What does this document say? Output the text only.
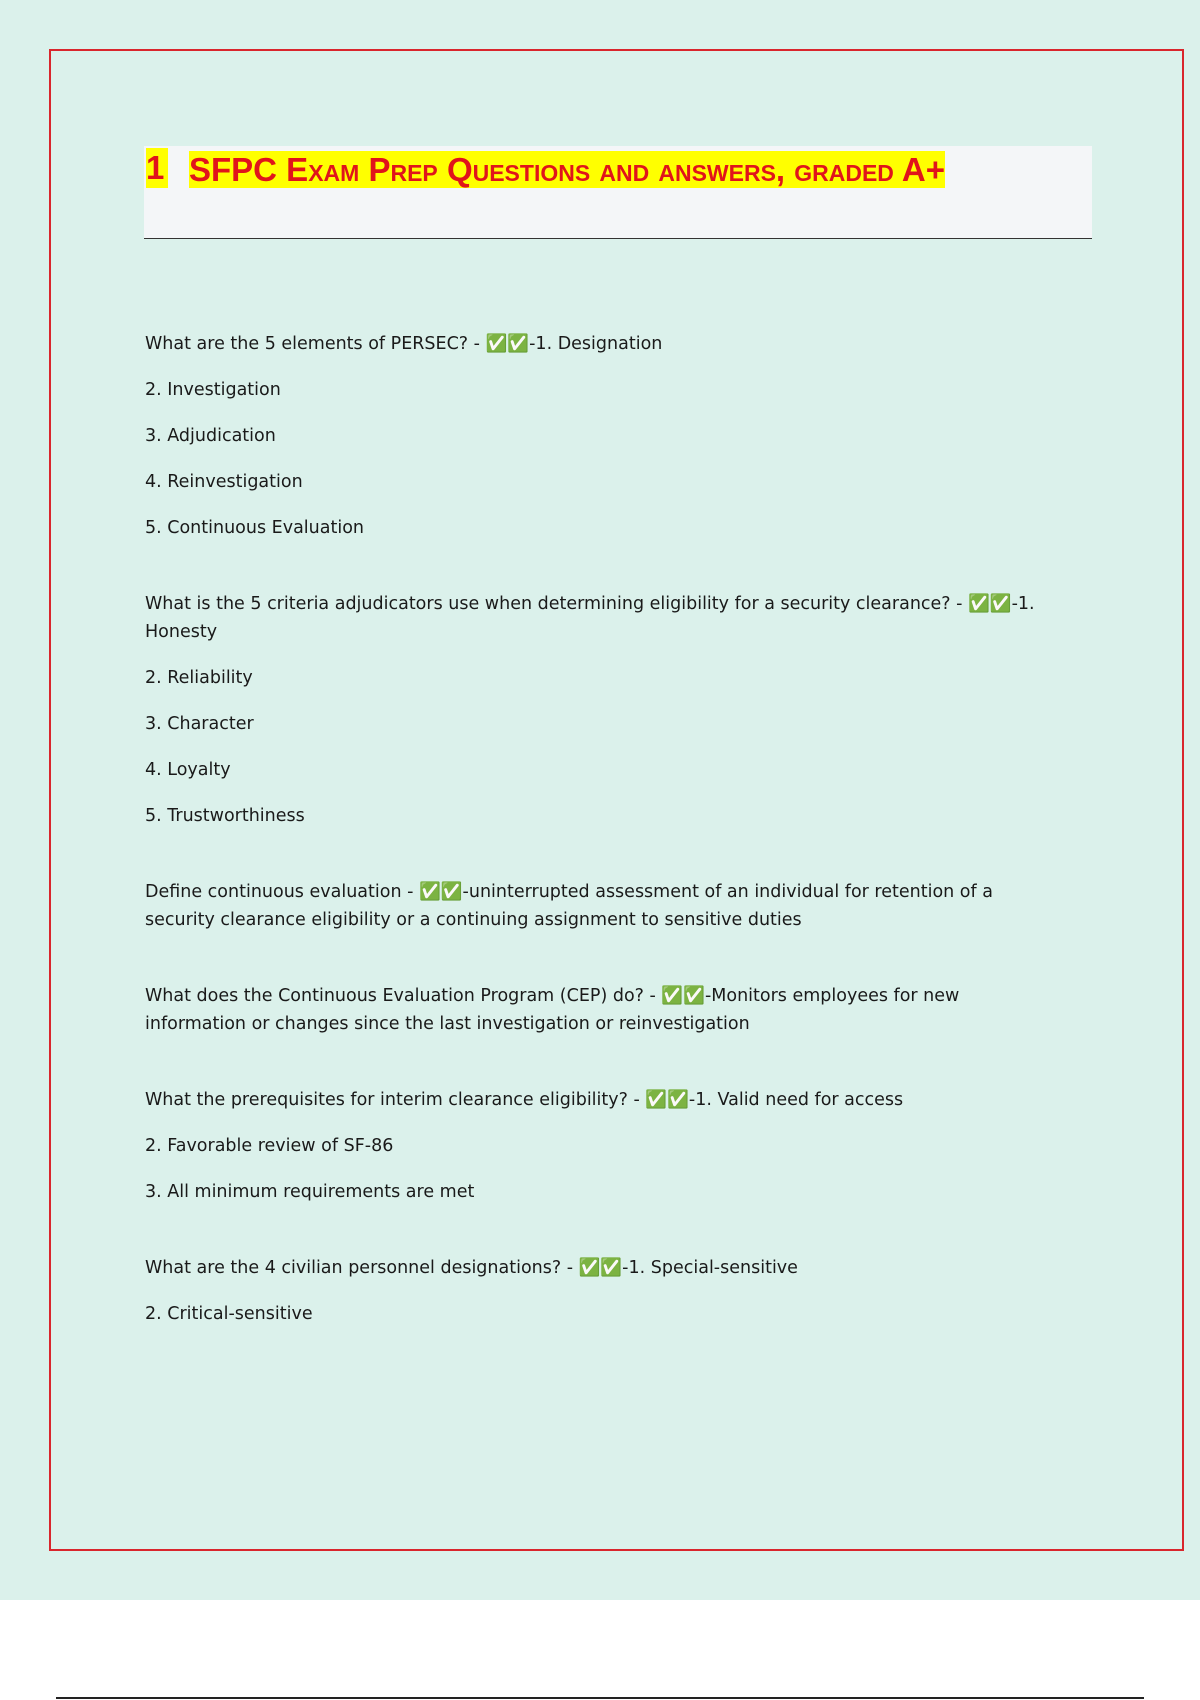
1 SFPC Exam Prep Questions and answers, graded A+

What are the 5 elements of PERSEC? - ✅✅-1. Designation

2. Investigation

3. Adjudication

4. Reinvestigation

5. Continuous Evaluation

What is the 5 criteria adjudicators use when determining eligibility for a security clearance? - ✅✅-1. Honesty

2. Reliability

3. Character

4. Loyalty

5. Trustworthiness

Define continuous evaluation - ✅✅-uninterrupted assessment of an individual for retention of a security clearance eligibility or a continuing assignment to sensitive duties

What does the Continuous Evaluation Program (CEP) do? - ✅✅-Monitors employees for new information or changes since the last investigation or reinvestigation

What the prerequisites for interim clearance eligibility? - ✅✅-1. Valid need for access

2. Favorable review of SF-86

3. All minimum requirements are met

What are the 4 civilian personnel designations? - ✅✅-1. Special-sensitive

2. Critical-sensitive
